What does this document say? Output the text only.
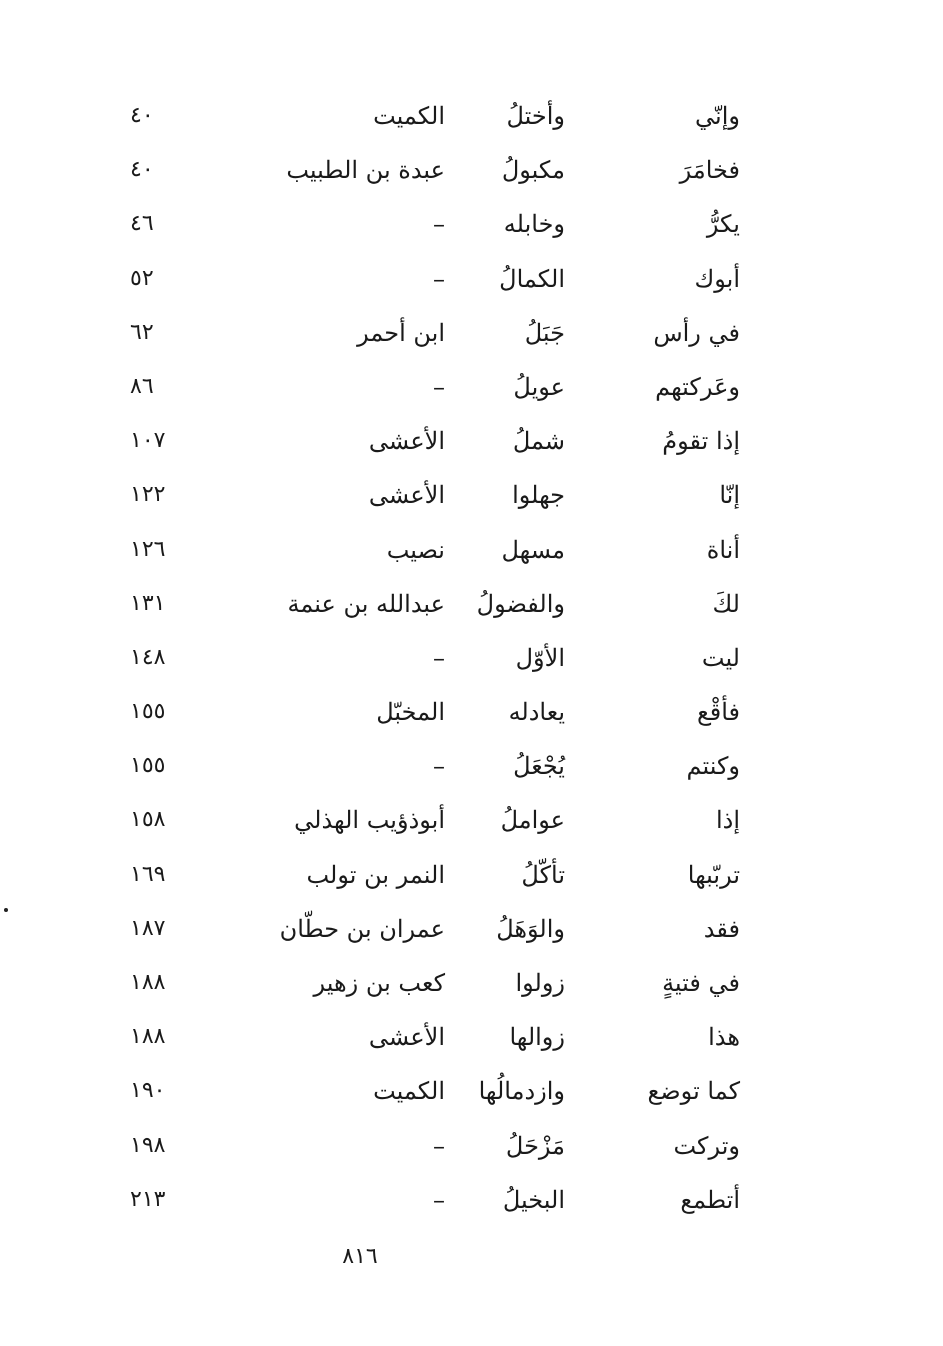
وإنّي
وأختلُ
الكميت
٤٠
فخامَرَ
مكبولُ
عبدة بن الطبيب
٤٠
يكرُّ
وخابله
–
٤٦
أبوك
الكمالُ
–
٥٢
في رأس
جَبَلُ
ابن أحمر
٦٢
وعَركتهم
عويلُ
–
٨٦
إذا تقومُ
شملُ
الأعشى
١٠٧
إنّا
جهلوا
الأعشى
١٢٢
أناة
مسهل
نصيب
١٢٦
لكَ
والفضولُ
عبدالله بن عنمة
١٣١
ليت
الأوّل
–
١٤٨
فأقْع
يعادله
المخبّل
١٥٥
وكنتم
يُجْعَلُ
–
١٥٥
إذا
عواملُ
أبوذؤيب الهذلي
١٥٨
تربّبها
تأكّلُ
النمر بن تولب
١٦٩
فقد
والوَهَلُ
عمران بن حطّان
١٨٧
في فتيةٍ
زولوا
كعب بن زهير
١٨٨
هذا
زوالها
الأعشى
١٨٨
كما توضع
وازدمالُها
الكميت
١٩٠
وتركت
مَزْحَلُ
–
١٩٨
أتطمع
البخيلُ
–
٢١٣
٨١٦
